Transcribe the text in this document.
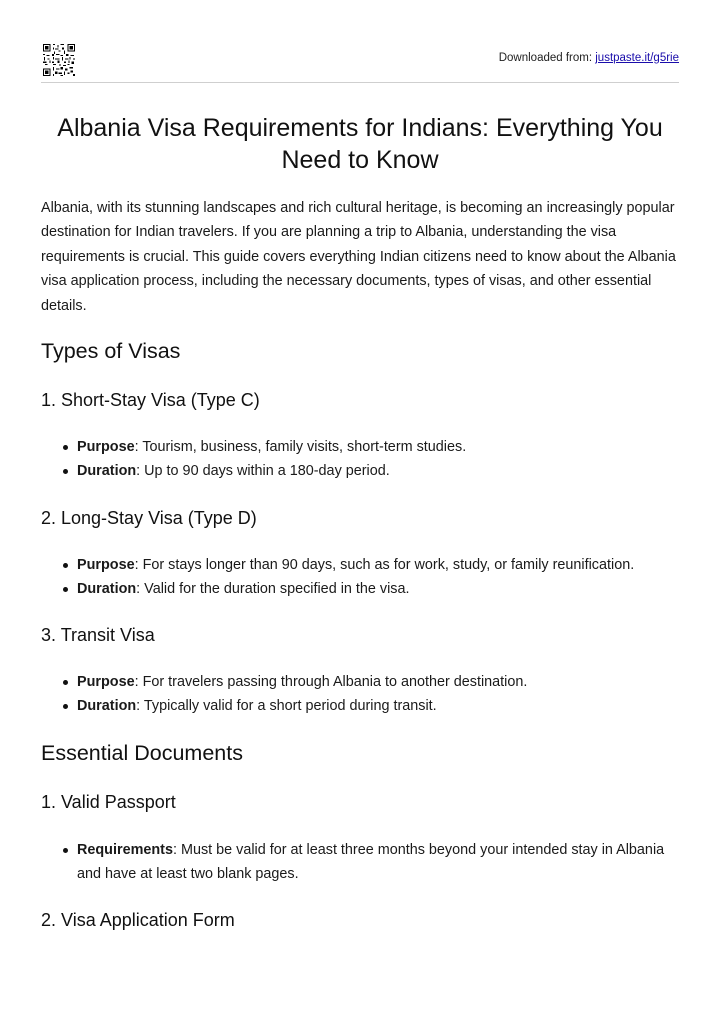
Downloaded from: justpaste.it/g5rie
Albania Visa Requirements for Indians: Everything You Need to Know

Albania, with its stunning landscapes and rich cultural heritage, is becoming an increasingly popular destination for Indian travelers. If you are planning a trip to Albania, understanding the visa requirements is crucial. This guide covers everything Indian citizens need to know about the Albania visa application process, including the necessary documents, types of visas, and other essential details.

Types of Visas
1. Short-Stay Visa (Type C)
Purpose: Tourism, business, family visits, short-term studies.
Duration: Up to 90 days within a 180-day period.
2. Long-Stay Visa (Type D)
Purpose: For stays longer than 90 days, such as for work, study, or family reunification.
Duration: Valid for the duration specified in the visa.
3. Transit Visa
Purpose: For travelers passing through Albania to another destination.
Duration: Typically valid for a short period during transit.
Essential Documents
1. Valid Passport
Requirements: Must be valid for at least three months beyond your intended stay in Albania and have at least two blank pages.
2. Visa Application Form
